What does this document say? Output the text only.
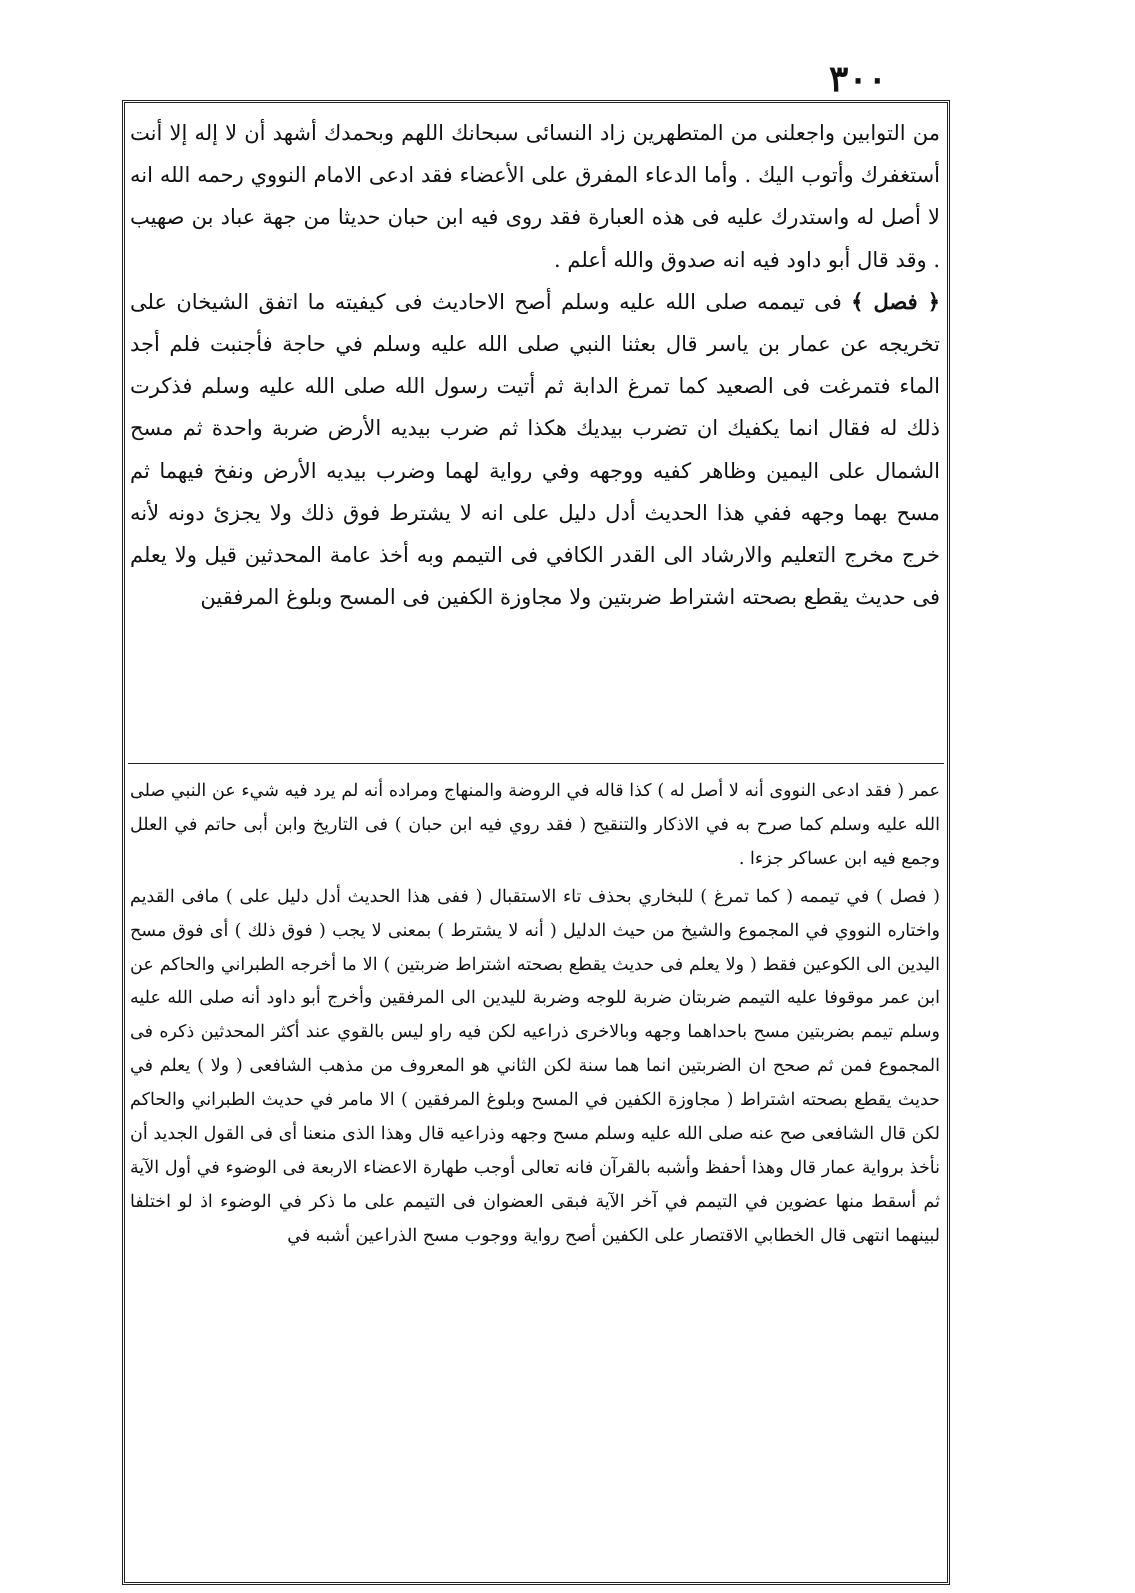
٣٠٠

من التوابين واجعلنى من المتطهرين زاد النسائى سبحانك اللهم وبحمدك أشهد أن لا إله إلا أنت أستغفرك وأتوب اليك . وأما الدعاء المفرق على الأعضاء فقد ادعى الامام النووي رحمه الله انه لا أصل له واستدرك عليه فى هذه العبارة فقد روى فيه ابن حبان حديثا من جهة عباد بن صهيب . وقد قال أبو داود فيه انه صدوق والله أعلم .

﴿ فصل ﴾ فى تيممه صلى الله عليه وسلم أصح الاحاديث فى كيفيته ما اتفق الشيخان على تخريجه عن عمار بن ياسر قال بعثنا النبي صلى الله عليه وسلم في حاجة فأجنبت فلم أجد الماء فتمرغت فى الصعيد كما تمرغ الدابة ثم أتيت رسول الله صلى الله عليه وسلم فذكرت ذلك له فقال انما يكفيك ان تضرب بيديك هكذا ثم ضرب بيديه الأرض ضربة واحدة ثم مسح الشمال على اليمين وظاهر كفيه ووجهه وفي رواية لهما وضرب بيديه الأرض ونفخ فيهما ثم مسح بهما وجهه ففي هذا الحديث أدل دليل على انه لا يشترط فوق ذلك ولا يجزئ دونه لأنه خرج مخرج التعليم والارشاد الى القدر الكافي فى التيمم وبه أخذ عامة المحدثين قيل ولا يعلم فى حديث يقطع بصحته اشتراط ضربتين ولا مجاوزة الكفين فى المسح وبلوغ المرفقين

عمر ( فقد ادعى النووى أنه لا أصل له ) كذا قاله في الروضة والمنهاج ومراده أنه لم يرد فيه شيء عن النبي صلى الله عليه وسلم كما صرح به في الاذكار والتنقيح ( فقد روي فيه ابن حبان ) فى التاريخ وابن أبى حاتم في العلل وجمع فيه ابن عساكر جزءا .

( فصل ) في تيممه ( كما تمرغ ) للبخاري بحذف تاء الاستقبال ( ففى هذا الحديث أدل دليل على ) مافى القديم واختاره النووي في المجموع والشيخ من حيث الدليل ( أنه لا يشترط ) بمعنى لا يجب ( فوق ذلك ) أى فوق مسح اليدين الى الكوعين فقط ( ولا يعلم فى حديث يقطع بصحته اشتراط ضربتين ) الا ما أخرجه الطبراني والحاكم عن ابن عمر موقوفا عليه التيمم ضربتان ضربة للوجه وضربة لليدين الى المرفقين وأخرج أبو داود أنه صلى الله عليه وسلم تيمم بضربتين مسح باحداهما وجهه وبالاخرى ذراعيه لكن فيه راو ليس بالقوي عند أكثر المحدثين ذكره فى المجموع فمن ثم صحح ان الضربتين انما هما سنة لكن الثاني هو المعروف من مذهب الشافعى ( ولا ) يعلم في حديث يقطع بصحته اشتراط ( مجاوزة الكفين في المسح وبلوغ المرفقين ) الا مامر في حديث الطبراني والحاكم لكن قال الشافعى صح عنه صلى الله عليه وسلم مسح وجهه وذراعيه قال وهذا الذى منعنا أى فى القول الجديد أن نأخذ برواية عمار قال وهذا أحفظ وأشبه بالقرآن فانه تعالى أوجب طهارة الاعضاء الاربعة فى الوضوء في أول الآية ثم أسقط منها عضوين في التيمم في آخر الآية فبقى العضوان فى التيمم على ما ذكر في الوضوء اذ لو اختلفا لبينهما انتهى قال الخطابي الاقتصار على الكفين أصح رواية ووجوب مسح الذراعين أشبه في
